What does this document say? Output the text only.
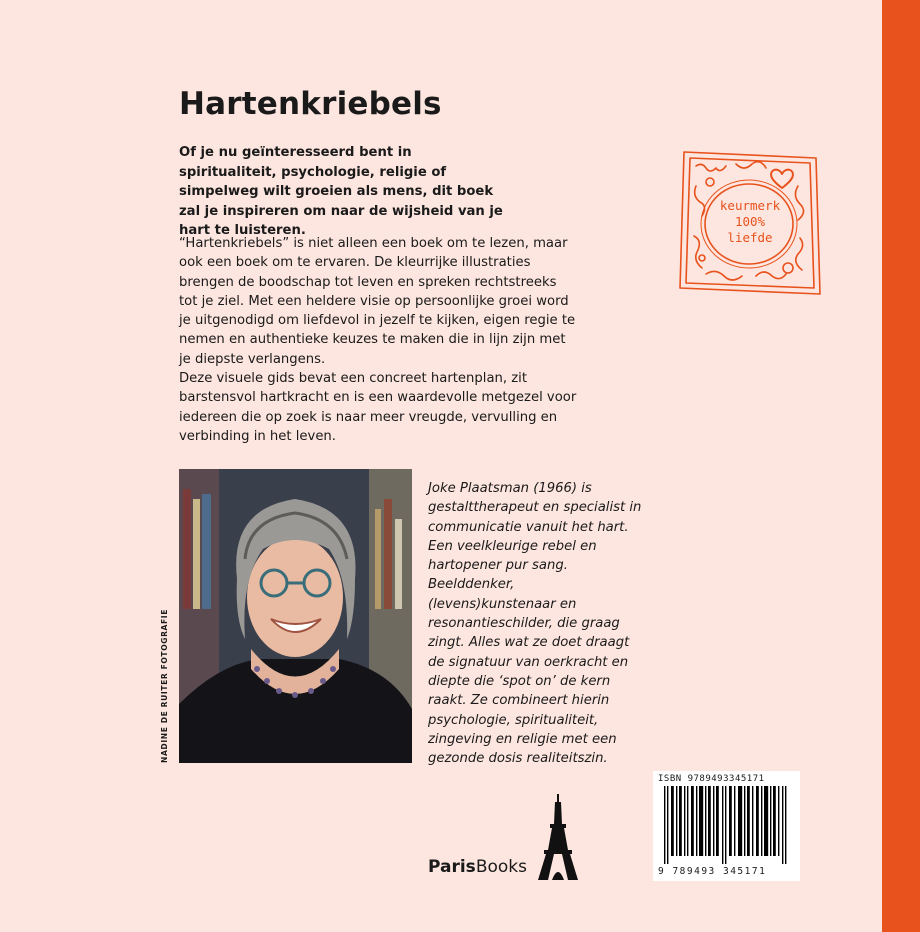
Hartenkriebels

Of je nu geïnteresseerd bent in spiritualiteit, psychologie, religie of simpelweg wilt groeien als mens, dit boek zal je inspireren om naar de wijsheid van je hart te luisteren.

“Hartenkriebels” is niet alleen een boek om te lezen, maar ook een boek om te ervaren. De kleurrijke illustraties brengen de boodschap tot leven en spreken rechtstreeks tot je ziel. Met een heldere visie op persoonlijke groei word je uitgenodigd om liefdevol in jezelf te kijken, eigen regie te nemen en authentieke keuzes te maken die in lijn zijn met je diepste verlangens.

Deze visuele gids bevat een concreet hartenplan, zit barstensvol hartkracht en is een waardevolle metgezel voor iedereen die op zoek is naar meer vreugde, vervulling en verbinding in het leven.

keurmerk
100%
liefde
NADINE DE RUITER FOTOGRAFIE

Joke Plaatsman (1966) is gestalttherapeut en specialist in communicatie vanuit het hart. Een veelkleurige rebel en hartopener pur sang. Beelddenker, (levens)kunstenaar en resonantieschilder, die graag zingt. Alles wat ze doet draagt de signatuur van oerkracht en diepte die ‘spot on’ de kern raakt. Ze combineert hierin psychologie, spiritualiteit, zingeving en religie met een gezonde dosis realiteitszin.

ParisBooks
ISBN 9789493345171
9 789493 345171
